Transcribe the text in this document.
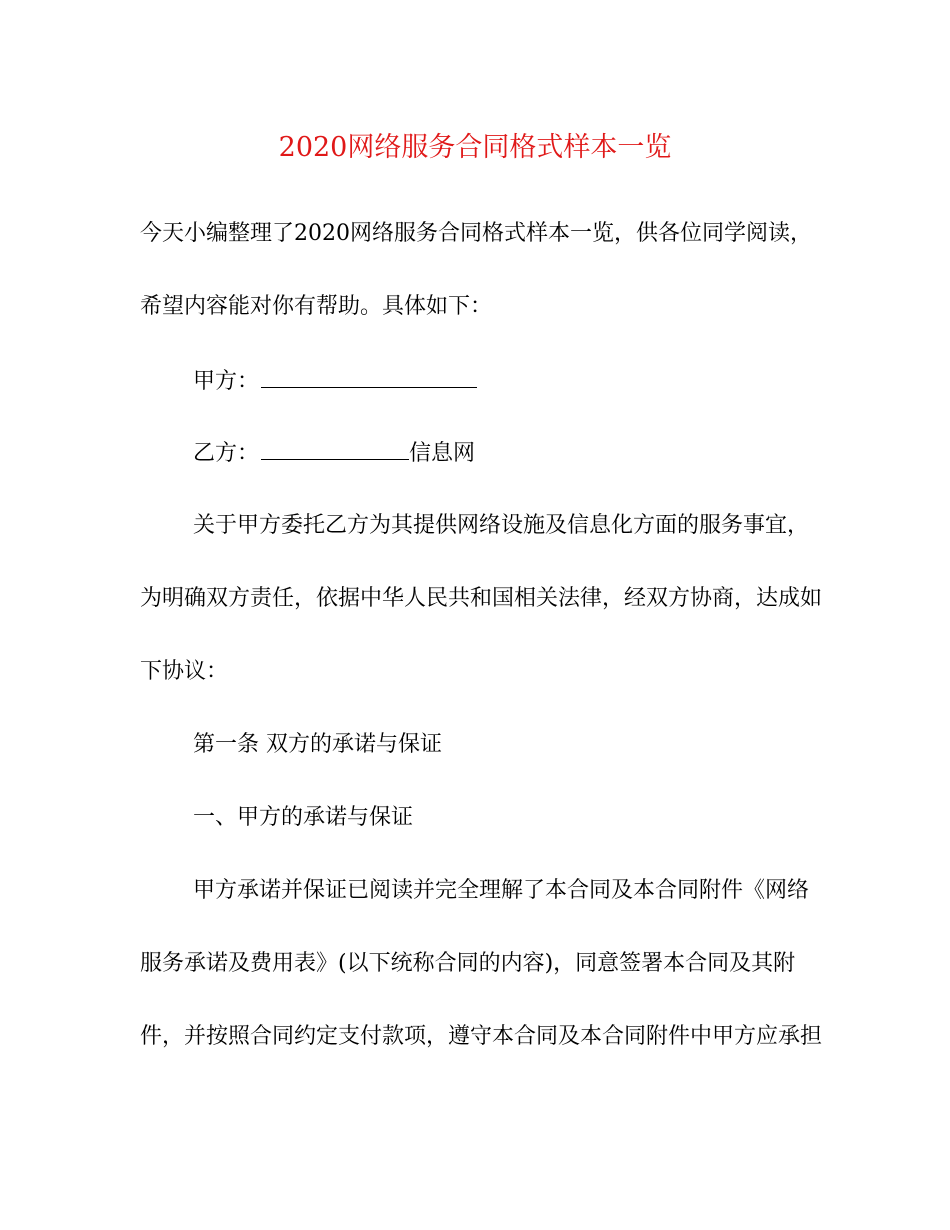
2020网络服务合同格式样本一览
今天小编整理了2020网络服务合同格式样本一览，供各位同学阅读，
希望内容能对你有帮助。具体如下：
甲方：
乙方：	信息网
关于甲方委托乙方为其提供网络设施及信息化方面的服务事宜，
为明确双方责任，依据中华人民共和国相关法律，经双方协商，达成如
下协议：
第一条 双方的承诺与保证
一、甲方的承诺与保证
甲方承诺并保证已阅读并完全理解了本合同及本合同附件《网络
服务承诺及费用表》(以下统称合同的内容)，同意签署本合同及其附
件，并按照合同约定支付款项，遵守本合同及本合同附件中甲方应承担
